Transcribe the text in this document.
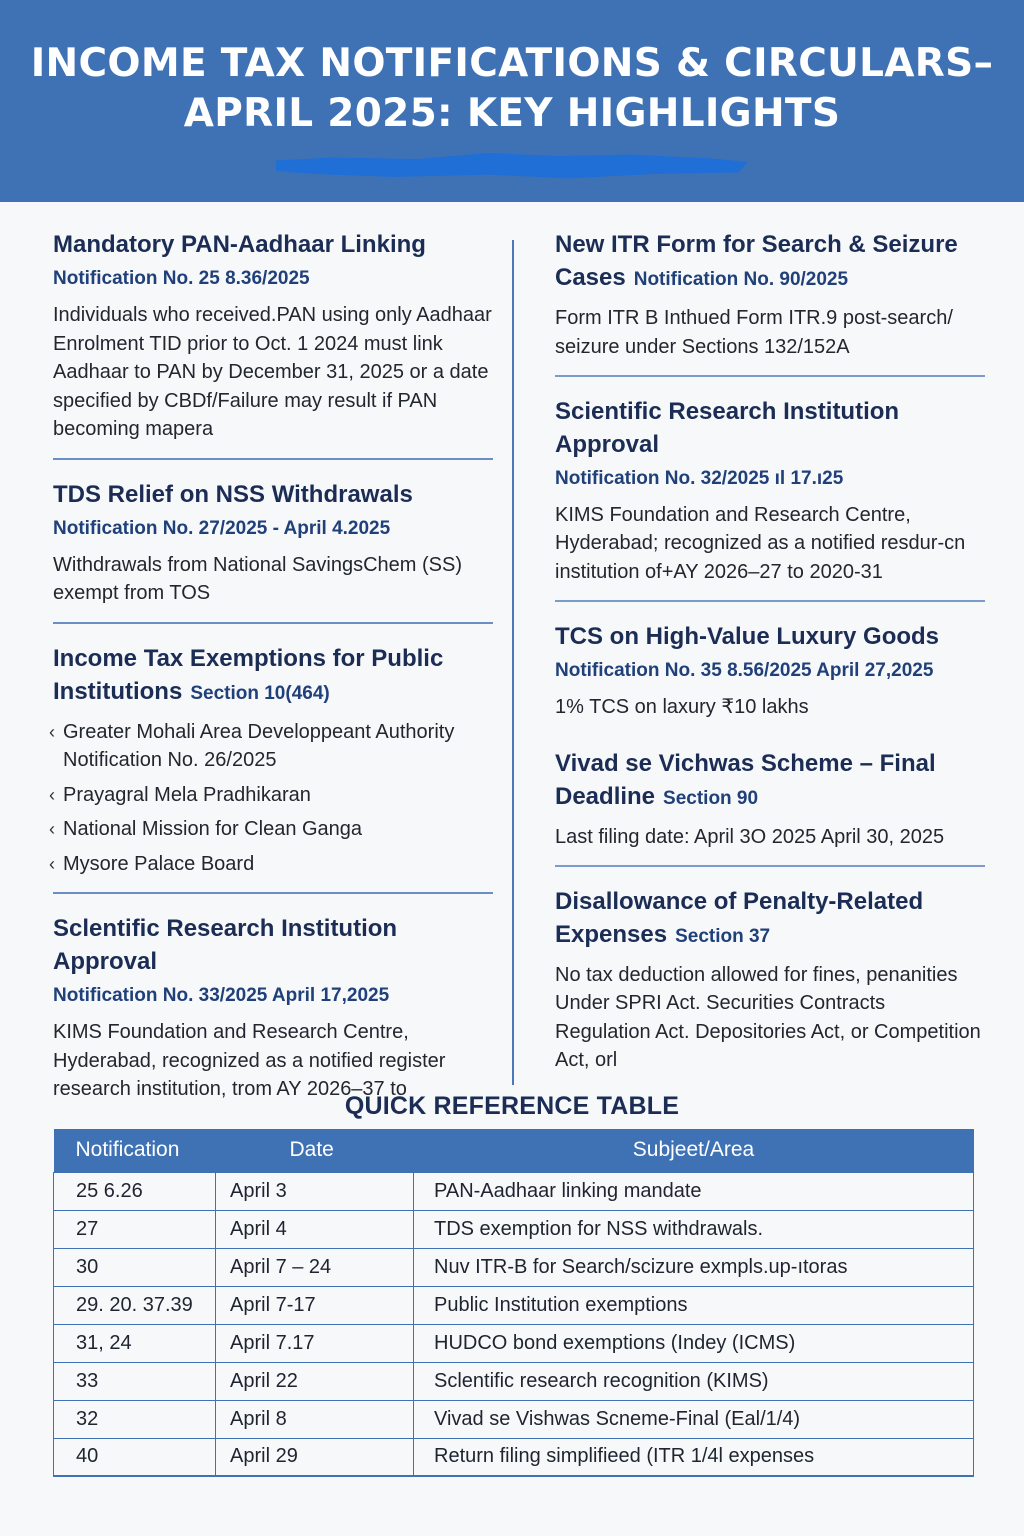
INCOME TAX NOTIFICATIONS & CIRCULARS–
APRIL 2025: KEY HIGHLIGHTS
Mandatory PAN-Aadhaar Linking
Notification No. 25 8.36/2025

Individuals who received.PAN using only Aadhaar Enrolment TID prior to Oct. 1 2024 must link Aadhaar to PAN by December 31, 2025 or a date specified by CBDf/Failure may result if PAN becoming mapera

TDS Relief on NSS Withdrawals
Notification No. 27/2025 - April 4.2025

Withdrawals from National SavingsChem (SS) exempt from TOS

Income Tax Exemptions for Public Institutions Section 10(464)
‹ Greater Mohali Area Developpeant Authority Notification No. 26/2025
‹ Prayagral Mela Pradhikaran
‹ National Mission for Clean Ganga
‹ Mysore Palace Board
Sclentific Research Institution Approval
Notification No. 33/2025 April 17,2025

KIMS Foundation and Research Centre, Hyderabad, recognized as a notified register research institution, trom AY 2026–37 to

New ITR Form for Search & Seizure Cases Notification No. 90/2025

Form ITR B Inthued Form ITR.9 post-search/ seizure under Sections 132/152A

Scientific Research Institution Approval
Notification No. 32/2025 ıl 17.ı25

KIMS Foundation and Research Centre, Hyderabad; recognized as a notified resdur-cn institution of+AY 2026–27 to 2020-31

TCS on High-Value Luxury Goods
Notification No. 35 8.56/2025 April 27,2025

1% TCS on laxury ₹10 lakhs

Vivad se Vichwas Scheme – Final Deadline Section 90

Last filing date: April 3O 2025 April 30, 2025

Disallowance of Penalty-Related Expenses Section 37

No tax deduction allowed for fines, penanities Under SPRI Act. Securities Contracts Regulation Act. Depositories Act, or Competition Act, orl

QUICK REFERENCE TABLE
Notification	Date	Subjeet/Area
25 6.26	April 3	PAN-Aadhaar linking mandate
27	April 4	TDS exemption for NSS withdrawals.
30	April 7 – 24	Nuv ITR-B for Search/scizure exmpls.up-ıtoras
29. 20. 37.39	April 7-17	Public Institution exemptions
31, 24	April 7.17	HUDCO bond exemptions (Indey (ICMS)
33	April 22	Sclentific research recognition (KIMS)
32	April 8	Vivad se Vishwas Scneme-Final (Eal/1/4)
40	April 29	Return filing simplifieed (ITR 1/4l expenses
